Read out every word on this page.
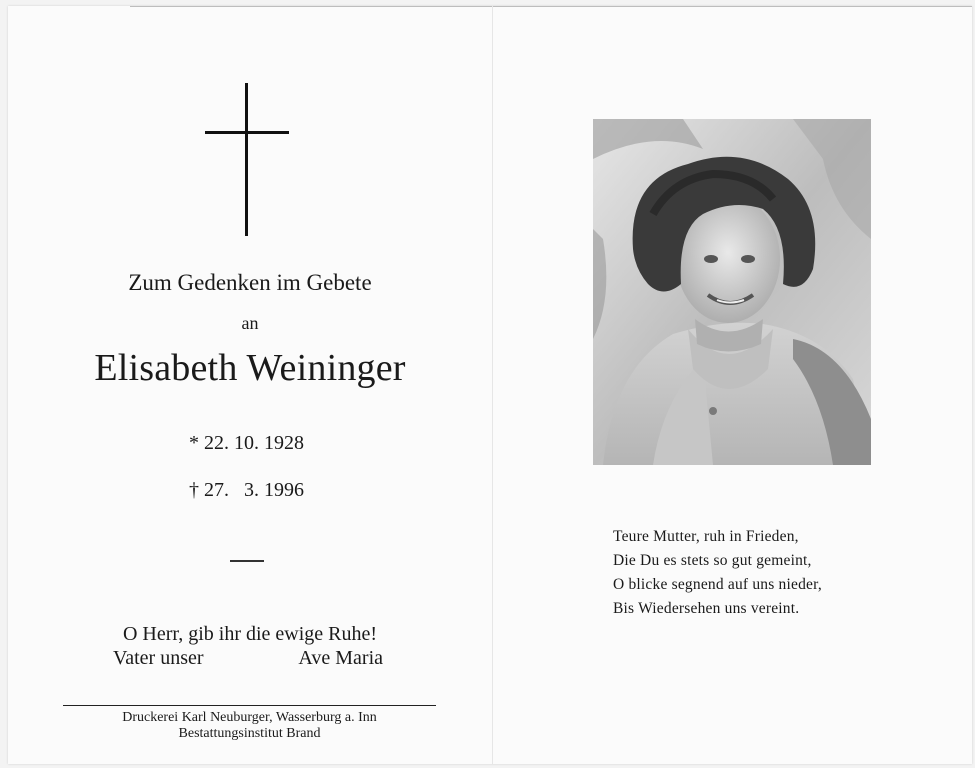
Zum Gedenken im Gebete
an
Elisabeth Weininger
* 22. 10. 1928
† 27.   3. 1996
O Herr, gib ihr die ewige Ruhe!
Vater unser	Ave Maria
Druckerei Karl Neuburger, Wasserburg a. Inn
Bestattungsinstitut Brand
Teure Mutter, ruh in Frieden,
Die Du es stets so gut gemeint,
O blicke segnend auf uns nieder,
Bis Wiedersehen uns vereint.
